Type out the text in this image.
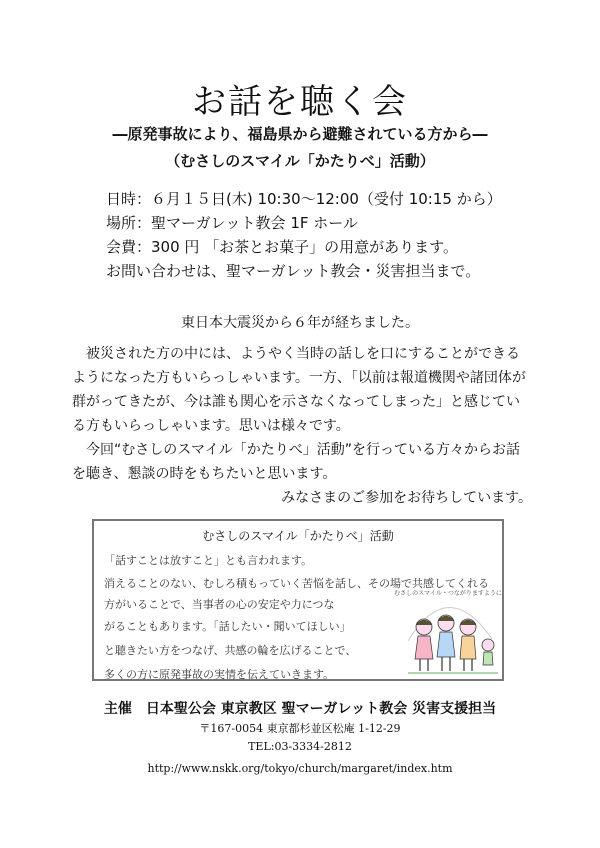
お話を聴く会
―原発事故により、福島県から避難されている方から―
（むさしのスマイル「かたりべ」活動）
日時：６月１５日(木) 10:30～12:00（受付 10:15 から）
場所：聖マーガレット教会 1F ホール
会費：300 円 「お茶とお菓子」の用意があります。
お問い合わせは、聖マーガレット教会・災害担当まで。
東日本大震災から６年が経ちました。

被災された方の中には、ようやく当時の話しを口にすることができるようになった方もいらっしゃいます。一方、「以前は報道機関や諸団体が群がってきたが、今は誰も関心を示さなくなってしまった」と感じている方もいらっしゃいます。思いは様々です。

今回“むさしのスマイル「かたりべ」活動”を行っている方々からお話を聴き、懇談の時をもちたいと思います。

みなさまのご参加をお待ちしています。

むさしのスマイル「かたりべ」活動
「話すことは放すこと」とも言われます。
消えることのない、むしろ積もっていく苦悩を話し、その場で共感してくれる方がいることで、当事者の心の安定や力につな
がることもあります。「話したい・聞いてほしい」
と聴きたい方をつなげ、共感の輪を広げることで、
多くの方に原発事故の実情を伝えていきます。
むさしのスマイル・つながりますように
主催　日本聖公会 東京教区 聖マーガレット教会 災害支援担当
〒167-0054 東京都杉並区松庵 1-12-29
TEL:03-3334-2812
http://www.nskk.org/tokyo/church/margaret/index.htm
